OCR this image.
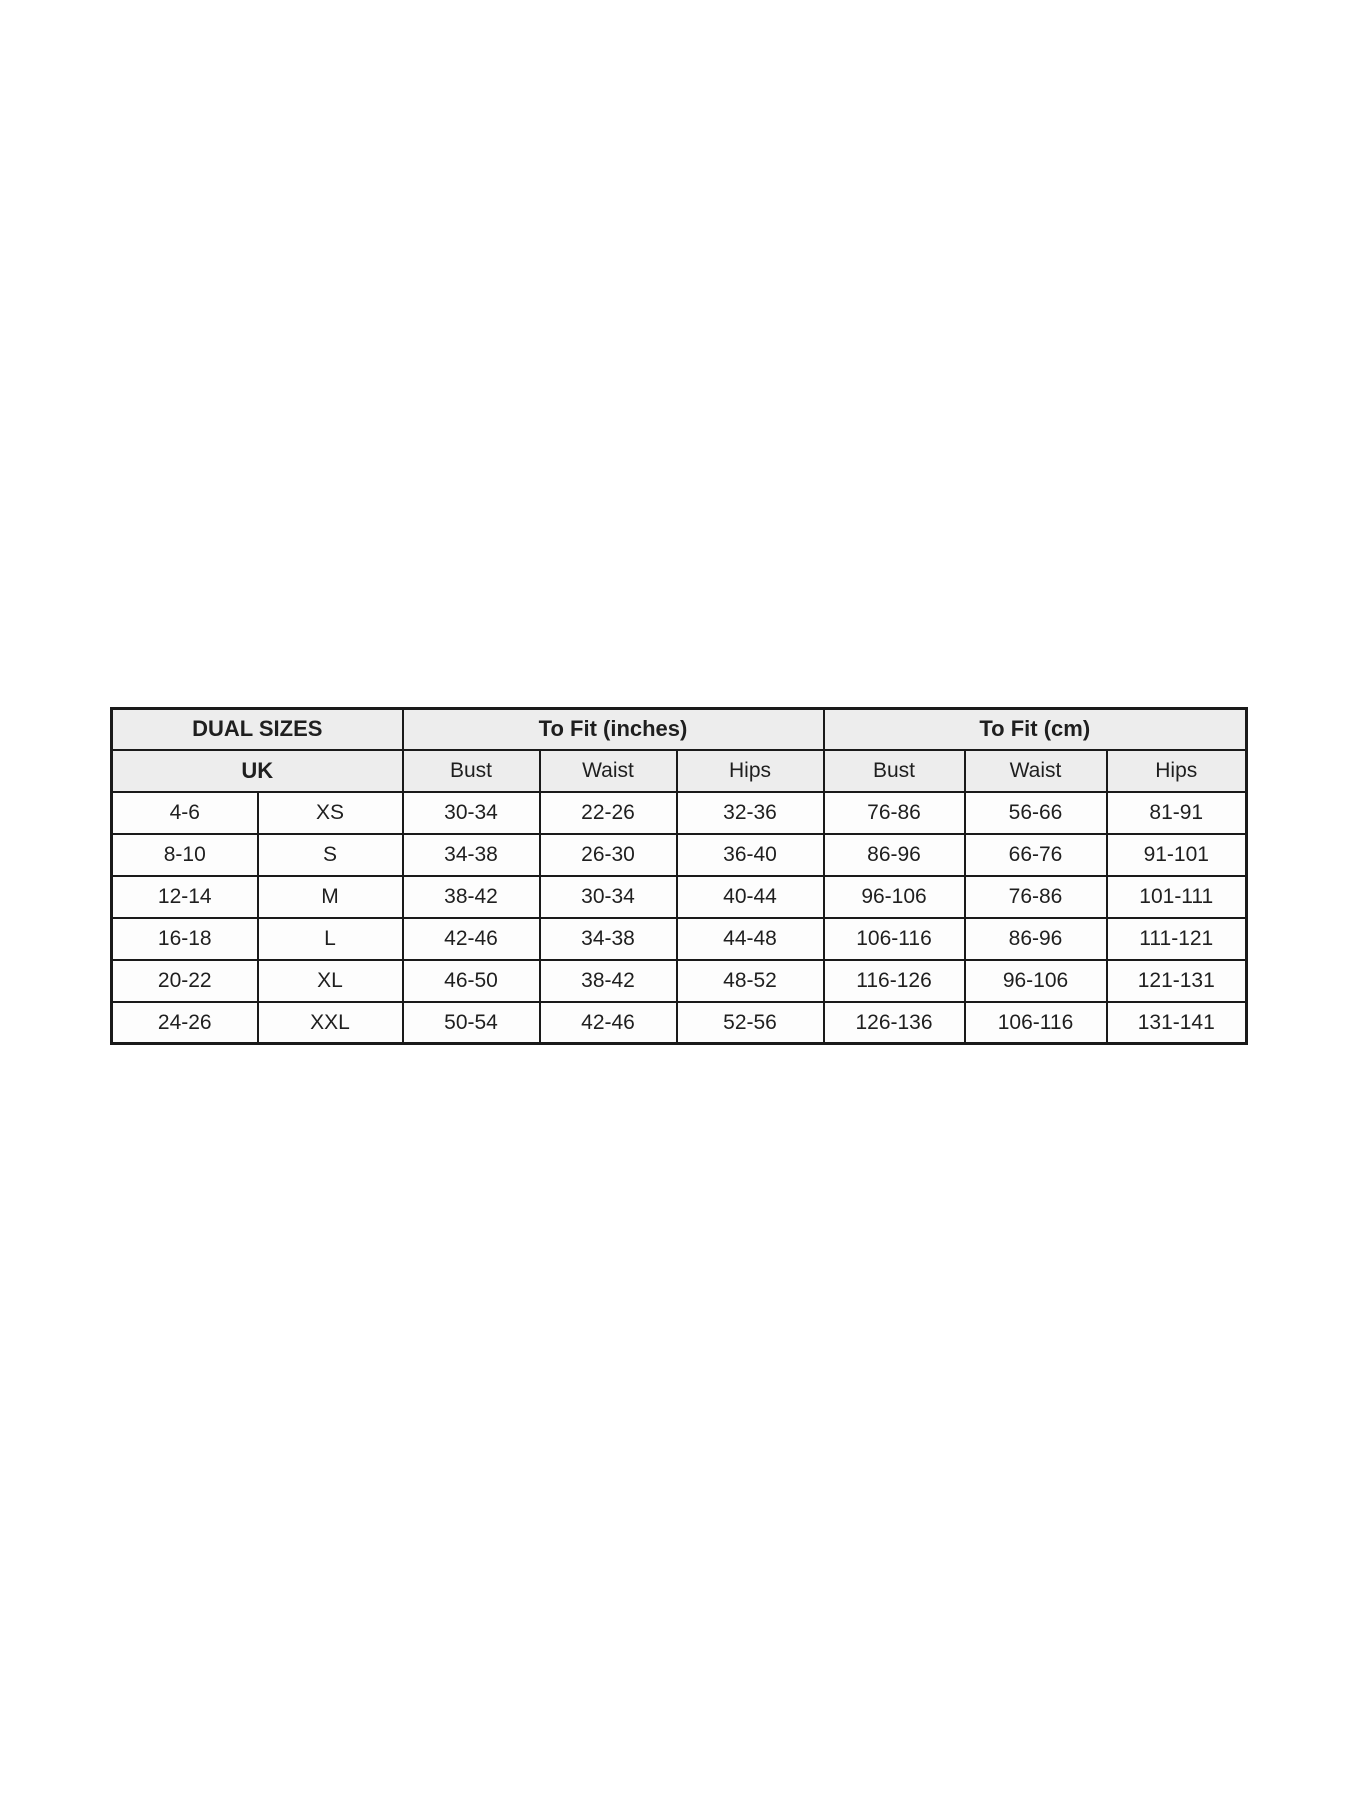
DUAL SIZES		To Fit (inches)			To Fit (cm)		
UK		Bust	Waist	Hips	Bust	Waist	Hips
4-6	XS	30-34	22-26	32-36	76-86	56-66	81-91
8-10	S	34-38	26-30	36-40	86-96	66-76	91-101
12-14	M	38-42	30-34	40-44	96-106	76-86	101-111
16-18	L	42-46	34-38	44-48	106-116	86-96	111-121
20-22	XL	46-50	38-42	48-52	116-126	96-106	121-131
24-26	XXL	50-54	42-46	52-56	126-136	106-116	131-141
